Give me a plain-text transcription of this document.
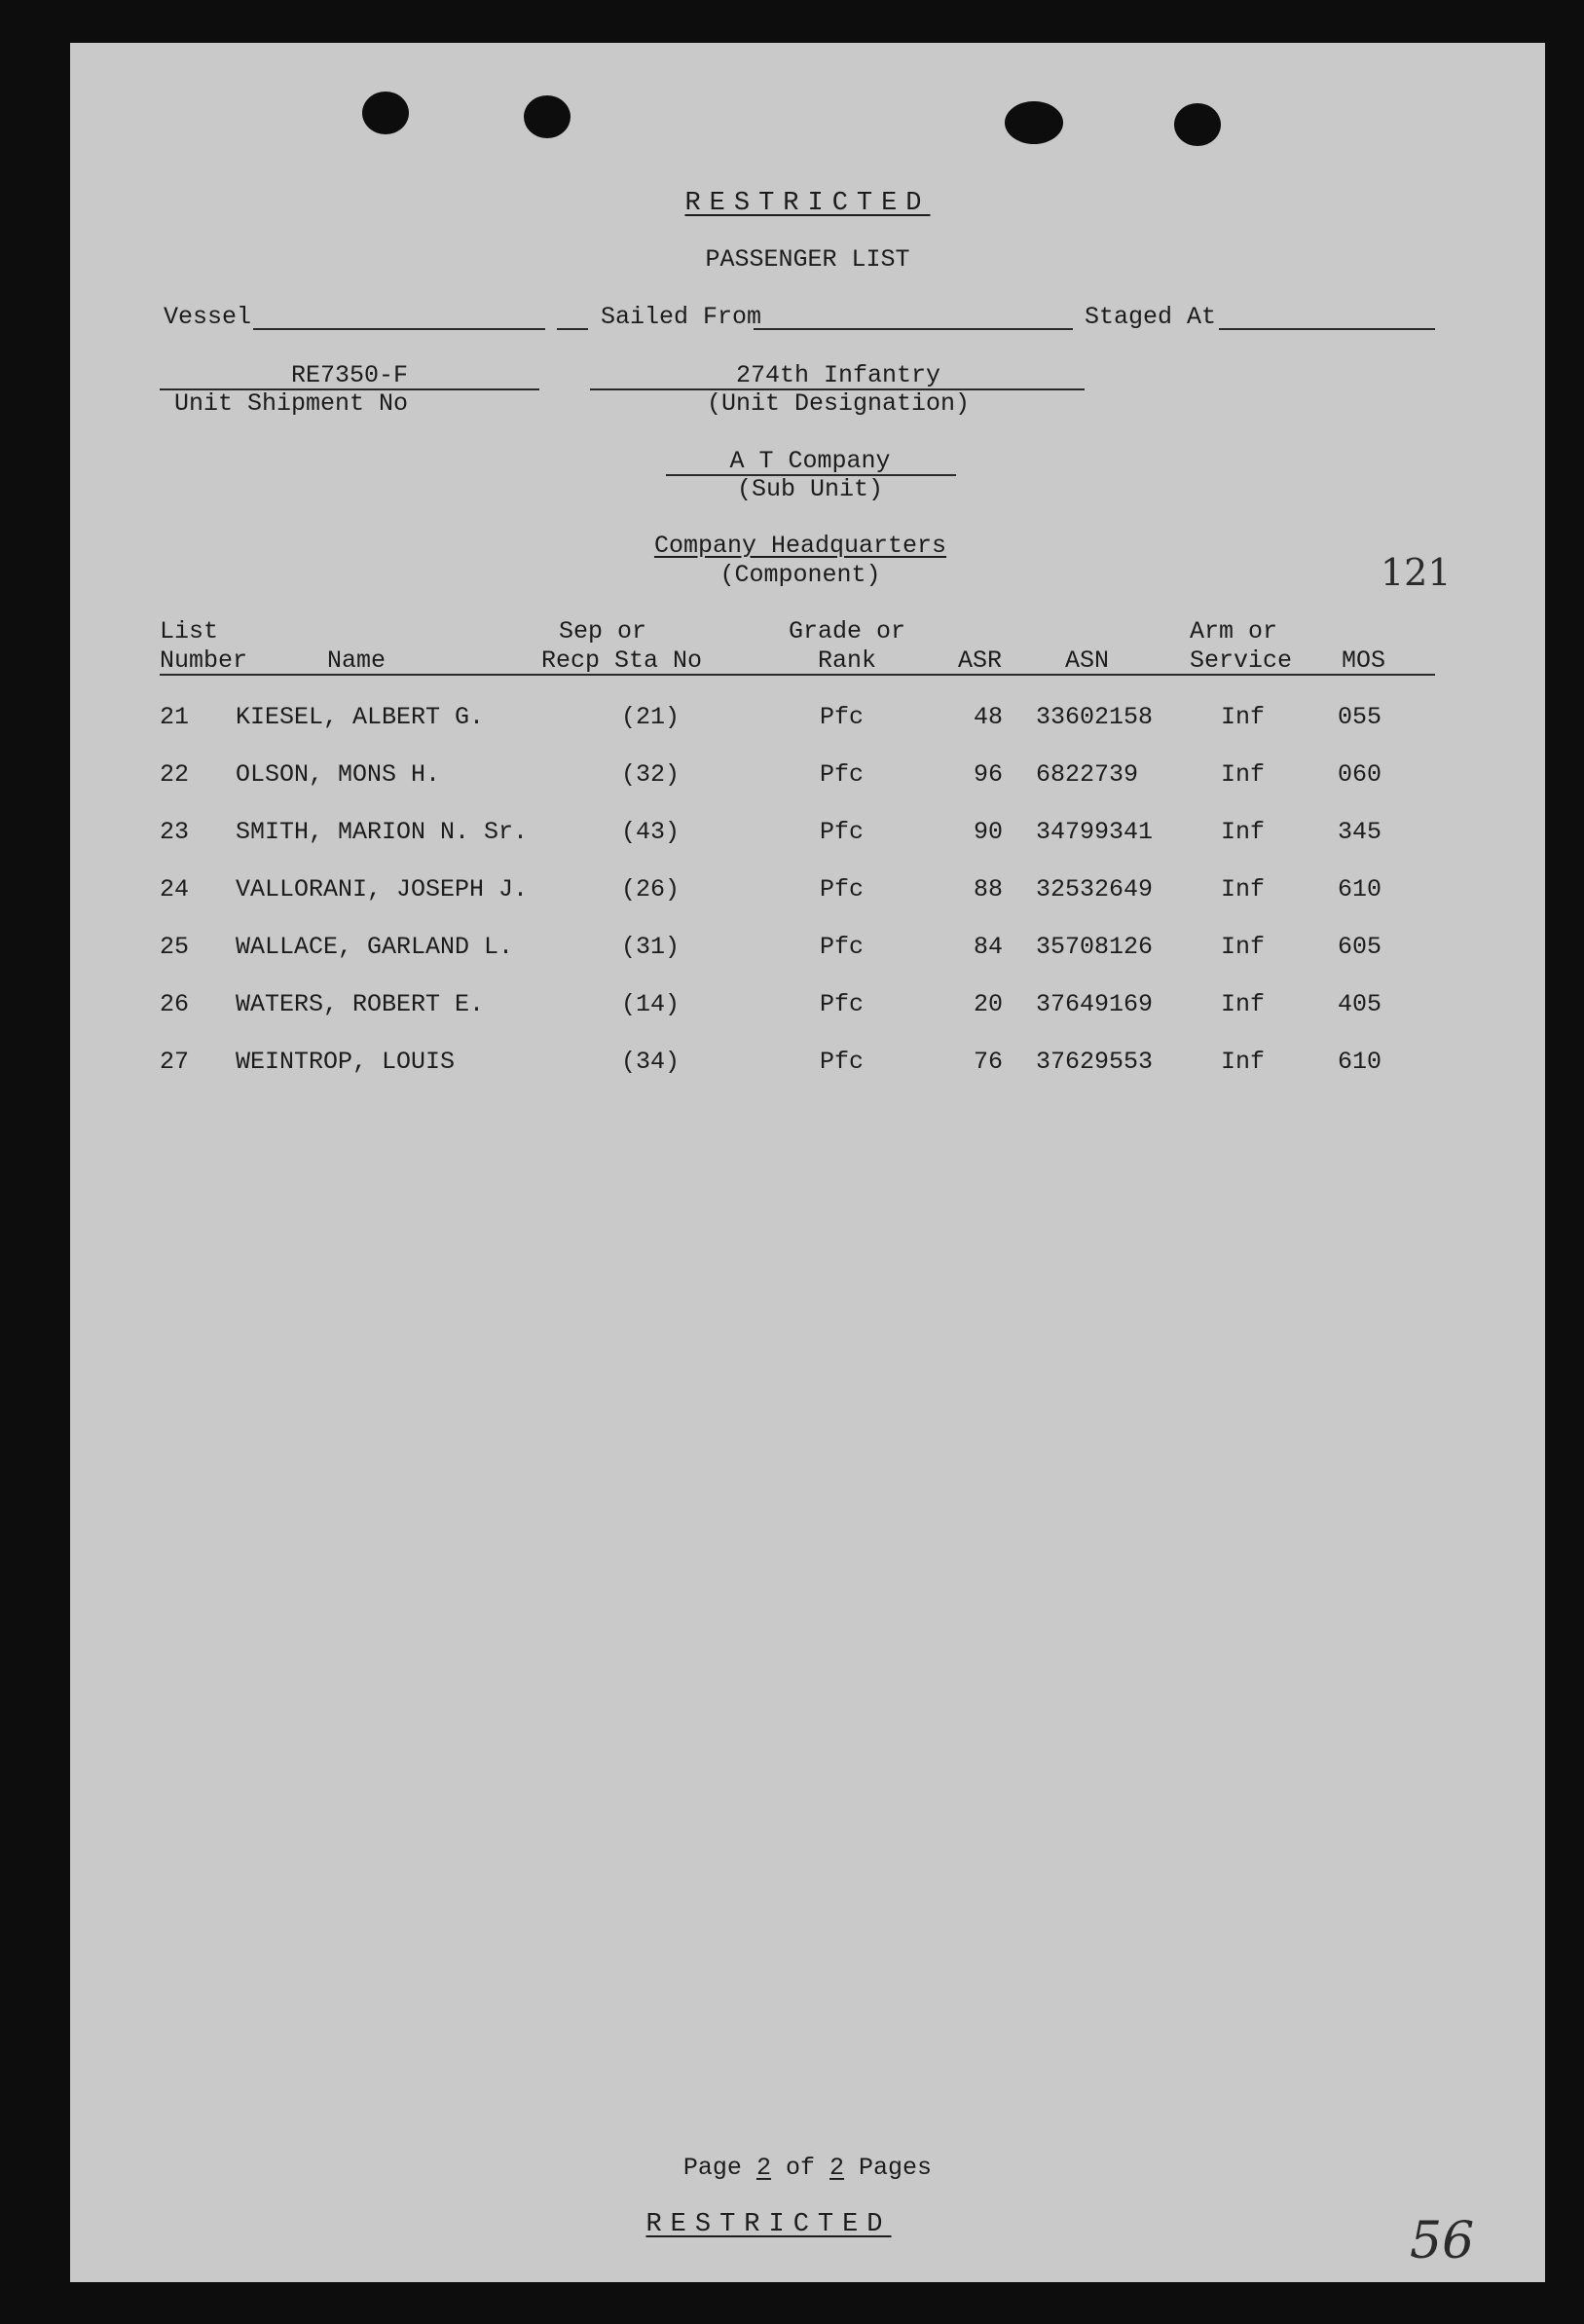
RESTRICTED
PASSENGER LIST
Vessel	Sailed From	Staged At
RE7350-F
Unit Shipment No
274th Infantry
(Unit Designation)
A T Company
(Sub Unit)
Company Headquarters
(Component)	121
List
Number	Name
Sep or
Recp Sta No
Grade or
Rank	ASR	ASN
Arm or
Service MOS
21 KIESEL, ALBERT G.	(21)	Pfc	48 33602158	Inf	055
22 OLSON, MONS H.	(32)	Pfc	96 6822739	Inf	060
23 SMITH, MARION N. Sr.	(43)	Pfc	90 34799341	Inf	345
24 VALLORANI, JOSEPH J.	(26)	Pfc	88 32532649	Inf	610
25 WALLACE, GARLAND L.	(31)	Pfc	84 35708126	Inf	605
26 WATERS, ROBERT E.	(14)	Pfc	20 37649169	Inf	405
27 WEINTROP, LOUIS	(34)	Pfc	76 37629553	Inf	610
Page 2 of 2 Pages
RESTRICTED	56
